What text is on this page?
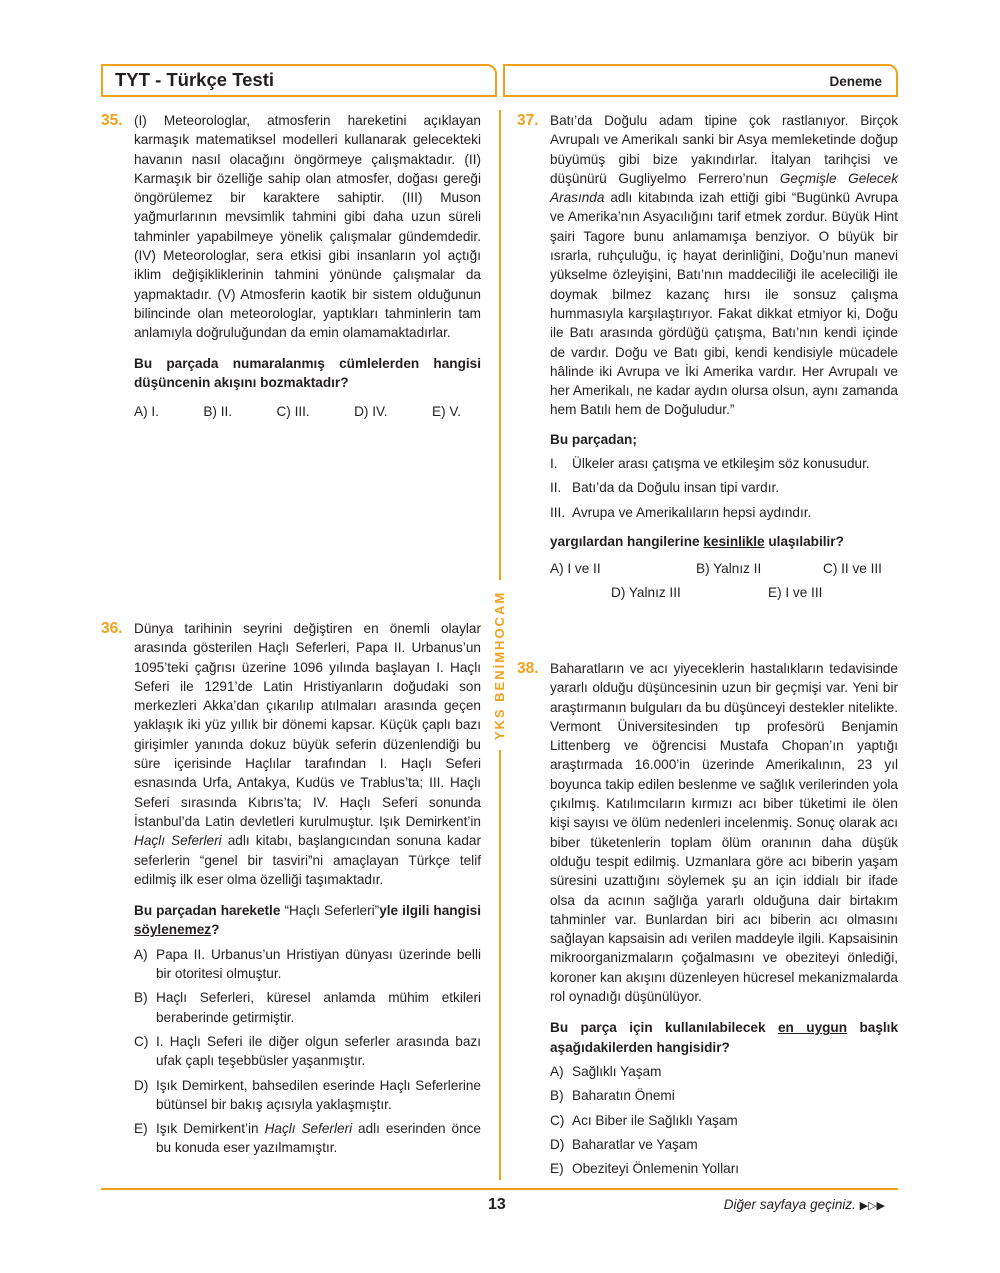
TYT - Türkçe Testi	Deneme
YKS BENİMHOCAM
35. (I) Meteorologlar, atmosferin hareketini açıklayan karmaşık matematiksel modelleri kullanarak gelecekteki havanın nasıl olacağını öngörmeye çalışmaktadır. (II) Karmaşık bir özelliğe sahip olan atmosfer, doğası gereği öngörülemez bir karaktere sahiptir. (III) Muson yağmurlarının mevsimlik tahmini gibi daha uzun süreli tahminler yapabilmeye yönelik çalışmalar gündemdedir. (IV) Meteorologlar, sera etkisi gibi insanların yol açtığı iklim değişikliklerinin tahmini yönünde çalışmalar da yapmaktadır. (V) Atmosferin kaotik bir sistem olduğunun bilincinde olan meteorologlar, yaptıkları tahminlerin tam anlamıyla doğruluğundan da emin olamamaktadırlar.

Bu parçada numaralanmış cümlelerden hangisi düşüncenin akışını bozmaktadır?

A) I.	B) II.	C) III.	D) IV.	E) V.
36. Dünya tarihinin seyrini değiştiren en önemli olaylar arasında gösterilen Haçlı Seferleri, Papa II. Urbanus’un 1095’teki çağrısı üzerine 1096 yılında başlayan I. Haçlı Seferi ile 1291’de Latin Hristiyanların doğudaki son merkezleri Akka’dan çıkarılıp atılmaları arasında geçen yaklaşık iki yüz yıllık bir dönemi kapsar. Küçük çaplı bazı girişimler yanında dokuz büyük seferin düzenlendiği bu süre içerisinde Haçlılar tarafından I. Haçlı Seferi esnasında Urfa, Antakya, Kudüs ve Trablus’ta; III. Haçlı Seferi sırasında Kıbrıs’ta; IV. Haçlı Seferi sonunda İstanbul’da Latin devletleri kurulmuştur. Işık Demirkent’in Haçlı Seferleri adlı kitabı, başlangıcından sonuna kadar seferlerin “genel bir tasviri”ni amaçlayan Türkçe telif edilmiş ilk eser olma özelliği taşımaktadır.

Bu parçadan hareketle “Haçlı Seferleri”yle ilgili hangisi söylenemez?

A) Papa II. Urbanus’un Hristiyan dünyası üzerinde belli bir otoritesi olmuştur.
B) Haçlı Seferleri, küresel anlamda mühim etkileri beraberinde getirmiştir.
C) I. Haçlı Seferi ile diğer olgun seferler arasında bazı ufak çaplı teşebbüsler yaşanmıştır.
D) Işık Demirkent, bahsedilen eserinde Haçlı Seferlerine bütünsel bir bakış açısıyla yaklaşmıştır.
E) Işık Demirkent’in Haçlı Seferleri adlı eserinden önce bu konuda eser yazılmamıştır.
37. Batı’da Doğulu adam tipine çok rastlanıyor. Birçok Avrupalı ve Amerikalı sanki bir Asya memleketinde doğup büyümüş gibi bize yakındırlar. İtalyan tarihçisi ve düşünürü Gugliyelmo Ferrero’nun Geçmişle Gelecek Arasında adlı kitabında izah ettiği gibi “Bugünkü Avrupa ve Amerika’nın Asyacılığını tarif etmek zordur. Büyük Hint şairi Tagore bunu anlamamışa benziyor. O büyük bir ısrarla, ruhçuluğu, iç hayat derinliğini, Doğu’nun manevi yükselme özleyişini, Batı’nın maddeciliği ile aceleciliği ile doymak bilmez kazanç hırsı ile sonsuz çalışma hummasıyla karşılaştırıyor. Fakat dikkat etmiyor ki, Doğu ile Batı arasında gördüğü çatışma, Batı’nın kendi içinde de vardır. Doğu ve Batı gibi, kendi kendisiyle mücadele hâlinde iki Avrupa ve İki Amerika vardır. Her Avrupalı ve her Amerikalı, ne kadar aydın olursa olsun, aynı zamanda hem Batılı hem de Doğuludur.”

Bu parçadan;

I.	Ülkeler arası çatışma ve etkileşim söz konusudur.
II. Batı’da da Doğulu insan tipi vardır.
III. Avrupa ve Amerikalıların hepsi aydındır.

yargılardan hangilerine kesinlikle ulaşılabilir?

A) I ve II	B) Yalnız II	C) II ve III
D) Yalnız III	E) I ve III
38. Baharatların ve acı yiyeceklerin hastalıkların tedavisinde yararlı olduğu düşüncesinin uzun bir geçmişi var. Yeni bir araştırmanın bulguları da bu düşünceyi destekler nitelikte. Vermont Üniversitesinden tıp profesörü Benjamin Littenberg ve öğrencisi Mustafa Chopan’ın yaptığı araştırmada 16.000’in üzerinde Amerikalının, 23 yıl boyunca takip edilen beslenme ve sağlık verilerinden yola çıkılmış. Katılımcıların kırmızı acı biber tüketimi ile ölen kişi sayısı ve ölüm nedenleri incelenmiş. Sonuç olarak acı biber tüketenlerin toplam ölüm oranının daha düşük olduğu tespit edilmiş. Uzmanlara göre acı biberin yaşam süresini uzattığını söylemek şu an için iddialı bir ifade olsa da acının sağlığa yararlı olduğuna dair birtakım tahminler var. Bunlardan biri acı biberin acı olmasını sağlayan kapsaisin adı verilen maddeyle ilgili. Kapsaisinin mikroorganizmaların çoğalmasını ve obeziteyi önlediği, koroner kan akışını düzenleyen hücresel mekanizmalarda rol oynadığı düşünülüyor.

Bu parça için kullanılabilecek en uygun başlık aşağıdakilerden hangisidir?

A) Sağlıklı Yaşam
B) Baharatın Önemi
C) Acı Biber ile Sağlıklı Yaşam
D) Baharatlar ve Yaşam
E) Obeziteyi Önlemenin Yolları
13	Diğer sayfaya geçiniz. ▶▷▶
